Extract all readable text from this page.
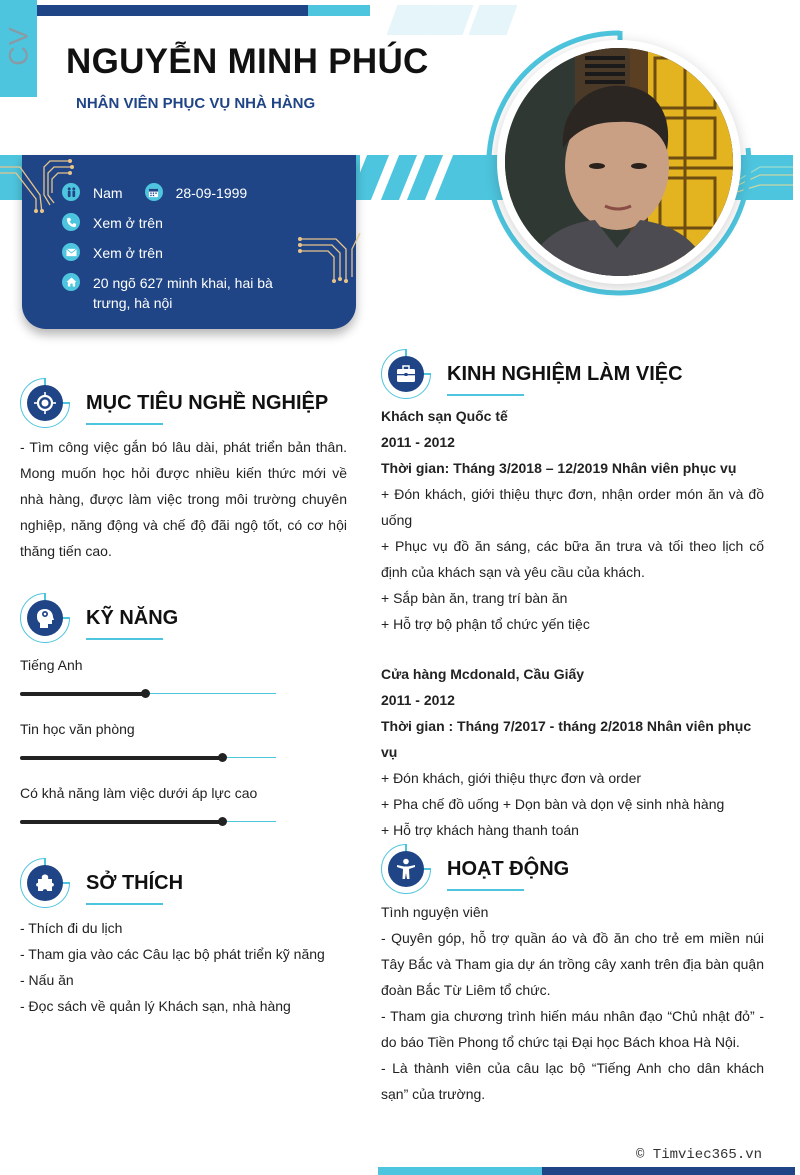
CV NGUYỄN MINH PHÚC
NHÂN VIÊN PHỤC VỤ NHÀ HÀNG
Nam	28-09-1999
Xem ở trên
Xem ở trên
20 ngõ 627 minh khai, hai bà
trưng, hà nội
MỤC TIÊU NGHỀ NGHIỆP
- Tìm công việc gắn bó lâu dài, phát triển bản thân. Mong muốn học hỏi được nhiều kiến thức mới về nhà hàng, được làm việc trong môi trường chuyên nghiệp, năng động và chế độ đãi ngộ tốt, có cơ hội thăng tiến cao.
KỸ NĂNG
Tiếng Anh
Tin học văn phòng
Có khả năng làm việc dưới áp lực cao
SỞ THÍCH
- Thích đi du lịch
- Tham gia vào các Câu lạc bộ phát triển kỹ năng
- Nấu ăn
- Đọc sách về quản lý Khách sạn, nhà hàng
KINH NGHIỆM LÀM VIỆC
Khách sạn Quốc tế
2011 - 2012
Thời gian: Tháng 3/2018 – 12/2019 Nhân viên phục vụ
+ Đón khách, giới thiệu thực đơn, nhận order món ăn và đồ uống
+ Phục vụ đồ ăn sáng, các bữa ăn trưa và tối theo lịch cố định của khách sạn và yêu cầu của khách.
+ Sắp bàn ăn, trang trí bàn ăn
+ Hỗ trợ bộ phận tổ chức yến tiệc
Cửa hàng Mcdonald, Cầu Giấy
2011 - 2012
Thời gian : Tháng 7/2017 - tháng 2/2018 Nhân viên phục vụ
+ Đón khách, giới thiệu thực đơn và order
+ Pha chế đồ uống + Dọn bàn và dọn vệ sinh nhà hàng
+ Hỗ trợ khách hàng thanh toán
HOẠT ĐỘNG
Tình nguyện viên
- Quyên góp, hỗ trợ quần áo và đồ ăn cho trẻ em miền núi Tây Bắc và Tham gia dự án trồng cây xanh trên địa bàn quận đoàn Bắc Từ Liêm tổ chức.
- Tham gia chương trình hiến máu nhân đạo “Chủ nhật đỏ” - do báo Tiền Phong tổ chức tại Đại học Bách khoa Hà Nội.
- Là thành viên của câu lạc bộ “Tiếng Anh cho dân khách sạn” của trường.
© Timviec365.vn
